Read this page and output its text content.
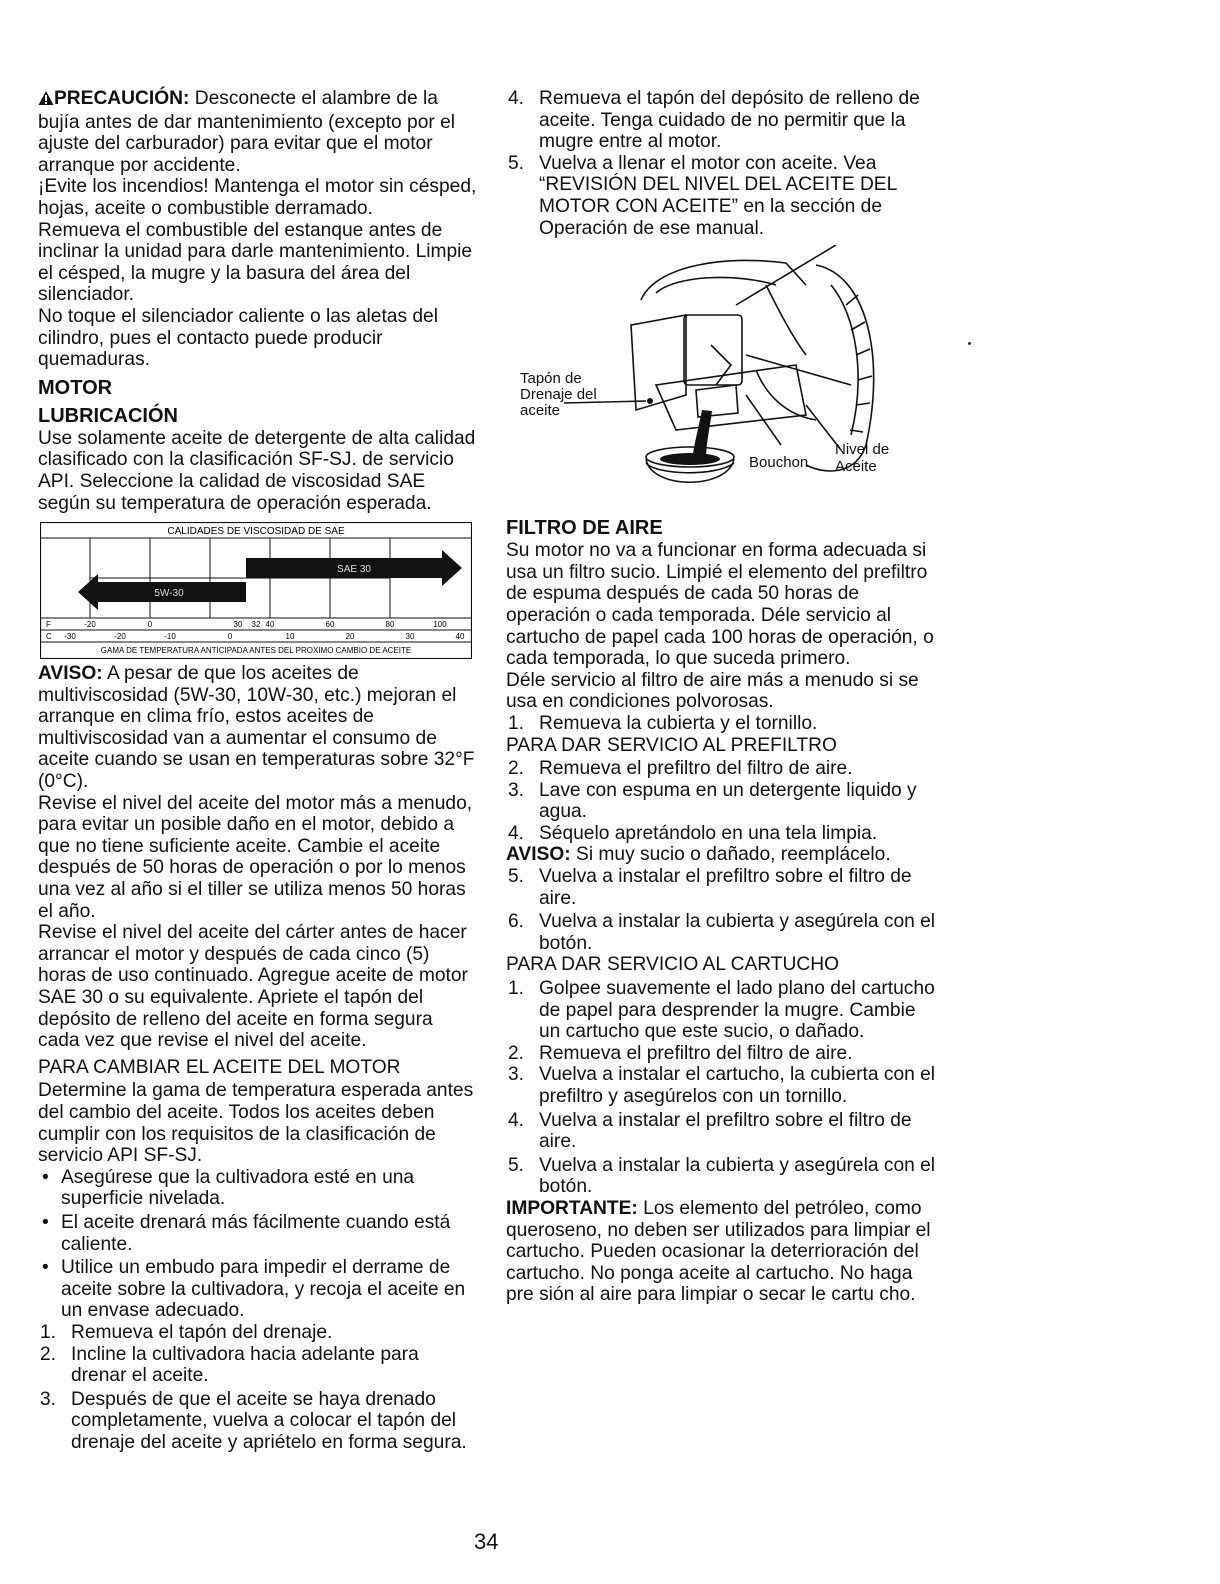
PRECAUCIÓN: Desconecte el alambre de la bujía antes de dar mantenimiento (excepto por el ajuste del carburador) para evitar que el motor arranque por accidente.

¡Evite los incendios! Mantenga el motor sin césped, hojas, aceite o combustible derramado.

Remueva el combustible del estanque antes de inclinar la unidad para darle mantenimiento. Limpie el césped, la mugre y la basura del área del silenciador.

No toque el silenciador caliente o las aletas del cilindro, pues el contacto puede producir quemaduras.

MOTOR

LUBRICACIÓN

Use solamente aceite de detergente de alta calidad clasificado con la clasificación SF-SJ. de servicio API. Seleccione la calidad de viscosidad SAE según su temperatura de operación esperada.

CALIDADES DE VISCOSIDAD DE SAE
SAE 30
5W-30
F	-20	0	30 32 40	60	80	100
C -30	-20	-10	0	10	20	30	40
GAMA DE TEMPERATURA ANTICIPADA ANTES DEL PROXIMO CAMBIO DE ACEITE

AVISO: A pesar de que los aceites de multiviscosidad (5W-30, 10W-30, etc.) mejoran el arranque en clima frío, estos aceites de multiviscosidad van a aumentar el consumo de aceite cuando se usan en temperaturas sobre 32°F (0°C).

Revise el nivel del aceite del motor más a menudo, para evitar un posible daño en el motor, debido a que no tiene suficiente aceite. Cambie el aceite después de 50 horas de operación o por lo menos una vez al año si el tiller se utiliza menos 50 horas el año.

Revise el nivel del aceite del cárter antes de hacer arrancar el motor y después de cada cinco (5) horas de uso continuado. Agregue aceite de motor SAE 30 o su equivalente. Apriete el tapón del depósito de relleno del aceite en forma segura cada vez que revise el nivel del aceite.

PARA CAMBIAR EL ACEITE DEL MOTOR

Determine la gama de temperatura esperada antes del cambio del aceite. Todos los aceites deben cumplir con los requisitos de la clasificación de servicio API SF-SJ.

• Asegúrese que la cultivadora esté en una superficie nivelada.
• El aceite drenará más fácilmente cuando está caliente.
• Utilice un embudo para impedir el derrame de aceite sobre la cultivadora, y recoja el aceite en un envase adecuado.
1. Remueva el tapón del drenaje.
2. Incline la cultivadora hacia adelante para drenar el aceite.
3. Después de que el aceite se haya drenado completamente, vuelva a colocar el tapón del drenaje del aceite y apriételo en forma segura.
4. Remueva el tapón del depósito de relleno de aceite. Tenga cuidado de no permitir que la mugre entre al motor.
5. Vuelva a llenar el motor con aceite. Vea “REVISIÓN DEL NIVEL DEL ACEITE DEL MOTOR CON ACEITE” en la sección de Operación de ese manual.
Tapón de Drenaje del aceite
Bouchon
Nivel de
Aceite

FILTRO DE AIRE

Su motor no va a funcionar en forma adecuada si usa un filtro sucio. Limpié el elemento del prefiltro de espuma después de cada 50 horas de operación o cada temporada. Déle servicio al cartucho de papel cada 100 horas de operación, o cada temporada, lo que suceda primero.

Déle servicio al filtro de aire más a menudo si se usa en condiciones polvorosas.

1. Remueva la cubierta y el tornillo.

PARA DAR SERVICIO AL PREFILTRO

2. Remueva el prefiltro del filtro de aire.
3. Lave con espuma en un detergente liquido y agua.
4. Séquelo apretándolo en una tela limpia.

AVISO: Si muy sucio o dañado, reemplácelo.

5. Vuelva a instalar el prefiltro sobre el filtro de aire.
6. Vuelva a instalar la cubierta y asegúrela con el botón.

PARA DAR SERVICIO AL CARTUCHO

1. Golpee suavemente el lado plano del cartucho de papel para desprender la mugre. Cambie un cartucho que este sucio, o dañado.
2. Remueva el prefiltro del filtro de aire.
3. Vuelva a instalar el cartucho, la cubierta con el prefiltro y asegúrelos con un tornillo.
4. Vuelva a instalar el prefiltro sobre el filtro de aire.
5. Vuelva a instalar la cubierta y asegúrela con el botón.

IMPORTANTE: Los elemento del petróleo, como queroseno, no deben ser utilizados para limpiar el cartucho. Pueden ocasionar la deterrioración del cartucho. No ponga aceite al cartucho. No haga pre sión al aire para limpiar o secar le cartu cho.

34
